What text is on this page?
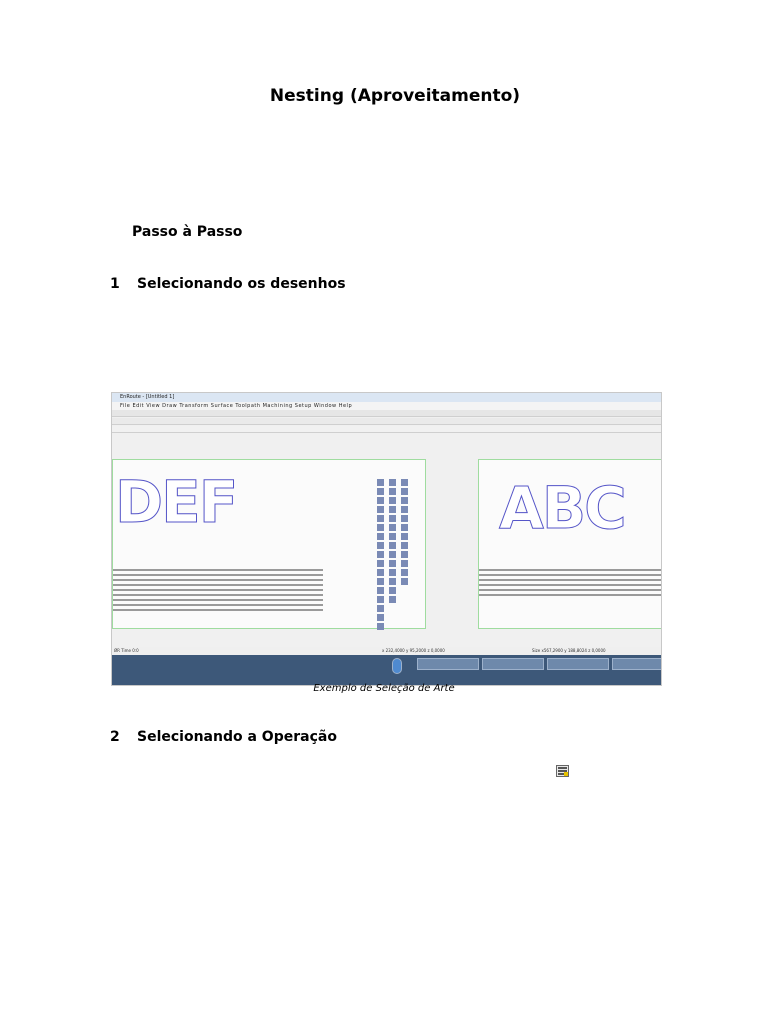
Nesting (Aproveitamento)
Passo à Passo
1 Selecionando os desenhos
EnRoute - [Untitled 1]
File Edit View Draw Transform Surface Toolpath Machining Setup Window Help
DEF	ABC
ØR Time 0:0	x 232,4000 y 95,2000 z 0,0000	Size x567,2900 y 188,8024 z 0,0000
Exemplo de Seleção de Arte
2 Selecionando a Operação
